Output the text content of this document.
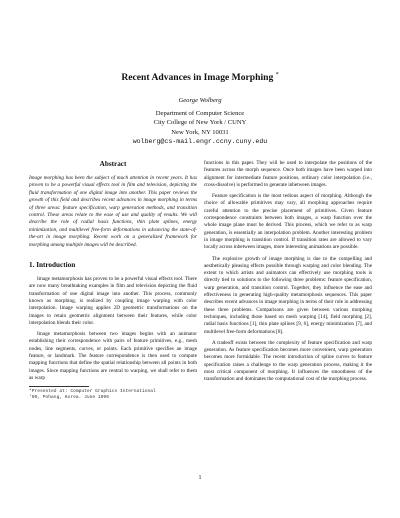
Recent Advances in Image Morphing *
George Wolberg
Department of Computer Science
City College of New York / CUNY
New York, NY 10031
wolberg@cs-mail.engr.ccny.cuny.edu
Abstract
Image morphing has been the subject of much attention in recent years. It has proven to be a powerful visual effects tool in film and television, depicting the fluid transformation of one digital image into another. This paper reviews the growth of this field and describes recent advances in image morphing in terms of three areas: feature specification, warp generation methods, and transition control. These areas relate to the ease of use and quality of results. We will describe the role of radial basis functions, thin plate splines, energy minimization, and multilevel free-form deformations in advancing the state-of-the-art in image morphing. Recent work on a generalized framework for morphing among multiple images will be described.
1. Introduction

Image metamorphosis has proven to be a powerful visual effects tool. There are now many breathtaking examples in film and television depicting the fluid transformation of one digital image into another. This process, commonly known as morphing, is realized by coupling image warping with color interpolation. Image warping applies 2D geometric transformations on the images to retain geometric alignment between their features, while color interpolation blends their color.

Image metamorphosis between two images begins with an animator establishing their correspondence with pairs of feature primitives, e.g., mesh nodes, line segments, curves, or points. Each primitive specifies an image feature, or landmark. The feature correspondence is then used to compute mapping functions that define the spatial relationship between all points in both images. Since mapping functions are central to warping, we shall refer to them as warp

*Presented at: Computer Graphics International
'96, Pohang, Korea. June 1996

functions in this paper. They will be used to interpolate the positions of the features across the morph sequence. Once both images have been warped into alignment for intermediate feature positions, ordinary color interpolation (i.e., cross-dissolve) is performed to generate inbetween images.

Feature specification is the most tedious aspect of morphing. Although the choice of allowable primitives may vary, all morphing approaches require careful attention to the precise placement of primitives. Given feature correspondence constraints between both images, a warp function over the whole image plane must be derived. This process, which we refer to as warp generation, is essentially an interpolation problem. Another interesting problem in image morphing is transition control. If transition rates are allowed to vary locally across inbetween images, more interesting animations are possible.

The explosive growth of image morphing is due to the compelling and aesthetically pleasing effects possible through warping and color blending. The extent to which artists and animators can effectively use morphing tools is directly tied to solutions to the following three problems: feature specification, warp generation, and transition control. Together, they influence the ease and effectiveness in generating high-quality metamorphosis sequences. This paper describes recent advances in image morphing in terms of their role in addressing these three problems. Comparisons are given between various morphing techniques, including those based on mesh warping [14], field morphing [2], radial basis functions [1], thin plate splines [9, 6], energy minimization [7], and multilevel free-form deformations [8].

A tradeoff exists between the complexity of feature specification and warp generation. As feature specification becomes more convenient, warp generation becomes more formidable. The recent introduction of spline curves to feature specification raises a challenge to the warp generation process, making it the most critical component of morphing. It influences the smoothness of the transformation and dominates the computational cost of the morphing process.

1
